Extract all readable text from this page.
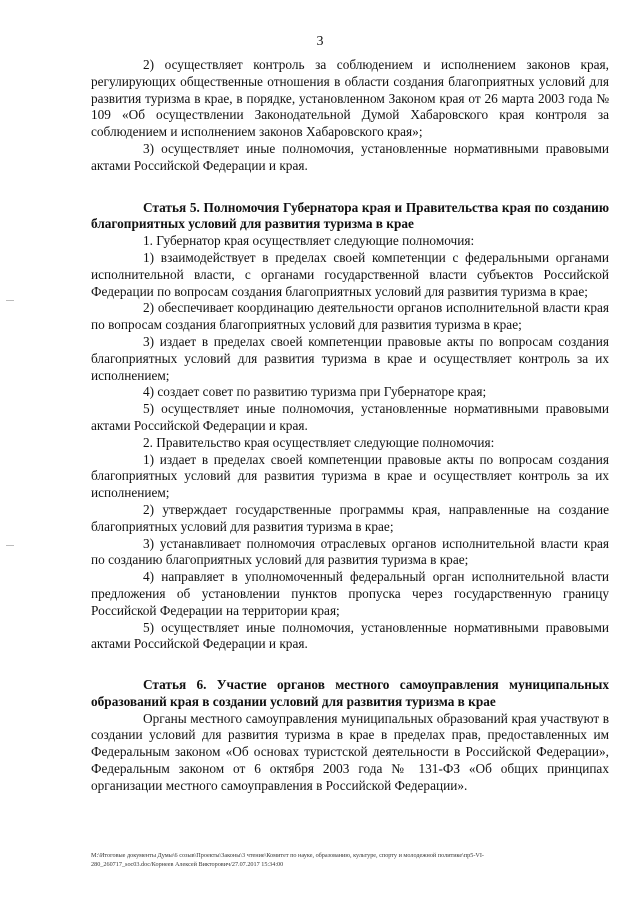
3

2) осуществляет контроль за соблюдением и исполнением законов края, регулирующих общественные отношения в области создания благоприятных условий для развития туризма в крае, в порядке, установленном Законом края от 26 марта 2003 года № 109 «Об осуществлении Законодательной Думой Хабаровского края контроля за соблюдением и исполнением законов Хабаровского края»;

3) осуществляет иные полномочия, установленные нормативными правовыми актами Российской Федерации и края.

Статья 5. Полномочия Губернатора края и Правительства края по созданию благоприятных условий для развития туризма в крае

1. Губернатор края осуществляет следующие полномочия:

1) взаимодействует в пределах своей компетенции с федеральными органами исполнительной власти, с органами государственной власти субъектов Российской Федерации по вопросам создания благоприятных условий для развития туризма в крае;

2) обеспечивает координацию деятельности органов исполнительной власти края по вопросам создания благоприятных условий для развития туризма в крае;

3) издает в пределах своей компетенции правовые акты по вопросам создания благоприятных условий для развития туризма в крае и осуществляет контроль за их исполнением;

4) создает совет по развитию туризма при Губернаторе края;

5) осуществляет иные полномочия, установленные нормативными правовыми актами Российской Федерации и края.

2. Правительство края осуществляет следующие полномочия:

1) издает в пределах своей компетенции правовые акты по вопросам создания благоприятных условий для развития туризма в крае и осуществляет контроль за их исполнением;

2) утверждает государственные программы края, направленные на создание благоприятных условий для развития туризма в крае;

3) устанавливает полномочия отраслевых органов исполнительной власти края по созданию благоприятных условий для развития туризма в крае;

4) направляет в уполномоченный федеральный орган исполнительной власти предложения об установлении пунктов пропуска через государственную границу Российской Федерации на территории края;

5) осуществляет иные полномочия, установленные нормативными правовыми актами Российской Федерации и края.

Статья 6. Участие органов местного самоуправления муниципальных образований края в создании условий для развития туризма в крае

Органы местного самоуправления муниципальных образований края участвуют в создании условий для развития туризма в крае в пределах прав, предоставленных им Федеральным законом «Об основах туристской деятельности в Российской Федерации», Федеральным законом от 6 октября 2003 года № 131-ФЗ «Об общих принципах организации местного самоуправления в Российской Федерации».

M:\Итоговые документы Думы\6 созыв\Проекты\Законы\3 чтение\Комитет по науке, образованию, культуре, спорту и молодежной политике\пр5-VI-
280_260717_soc03.doc/Корнеев Алексей Викторович/27.07.2017 15:34:00
